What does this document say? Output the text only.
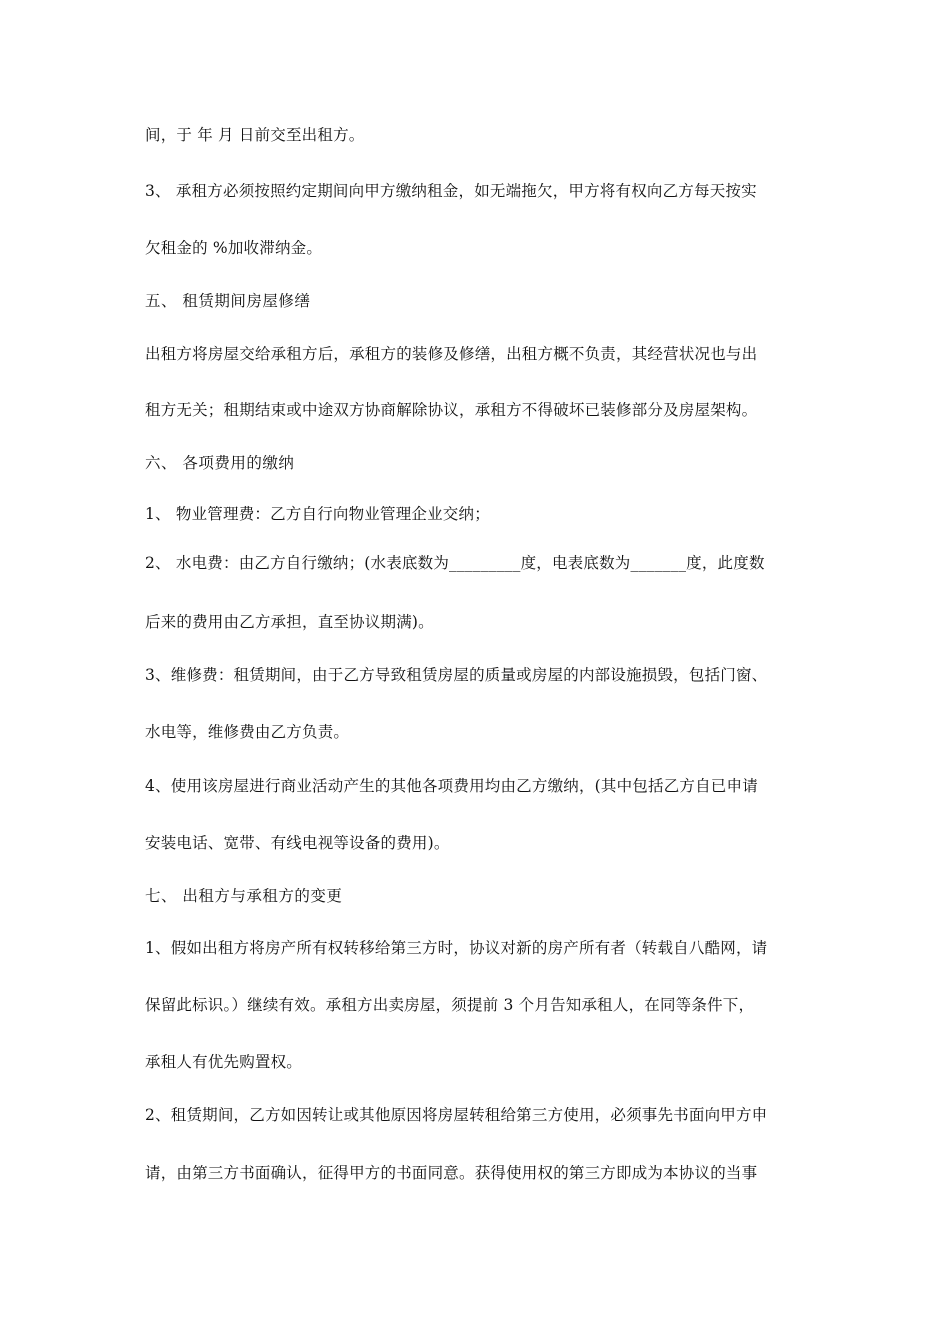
间，于 年 月 日前交至出租方。
3、 承租方必须按照约定期间向甲方缴纳租金，如无端拖欠，甲方将有权向乙方每天按实
欠租金的 %加收滞纳金。
五、 租赁期间房屋修缮
出租方将房屋交给承租方后，承租方的装修及修缮，出租方概不负责，其经营状况也与出
租方无关；租期结束或中途双方协商解除协议，承租方不得破坏已装修部分及房屋架构。
六、 各项费用的缴纳
1、 物业管理费：乙方自行向物业管理企业交纳；
2、 水电费：由乙方自行缴纳；(水表底数为_________度，电表底数为_______度，此度数
后来的费用由乙方承担，直至协议期满)。
3、维修费：租赁期间，由于乙方导致租赁房屋的质量或房屋的内部设施损毁，包括门窗、
水电等，维修费由乙方负责。
4、使用该房屋进行商业活动产生的其他各项费用均由乙方缴纳，(其中包括乙方自已申请
安装电话、宽带、有线电视等设备的费用)。
七、 出租方与承租方的变更
1、假如出租方将房产所有权转移给第三方时，协议对新的房产所有者（转载自八酷网，请
保留此标识。）继续有效。承租方出卖房屋，须提前 3 个月告知承租人，在同等条件下，
承租人有优先购置权。
2、租赁期间，乙方如因转让或其他原因将房屋转租给第三方使用，必须事先书面向甲方申
请，由第三方书面确认，征得甲方的书面同意。获得使用权的第三方即成为本协议的当事
